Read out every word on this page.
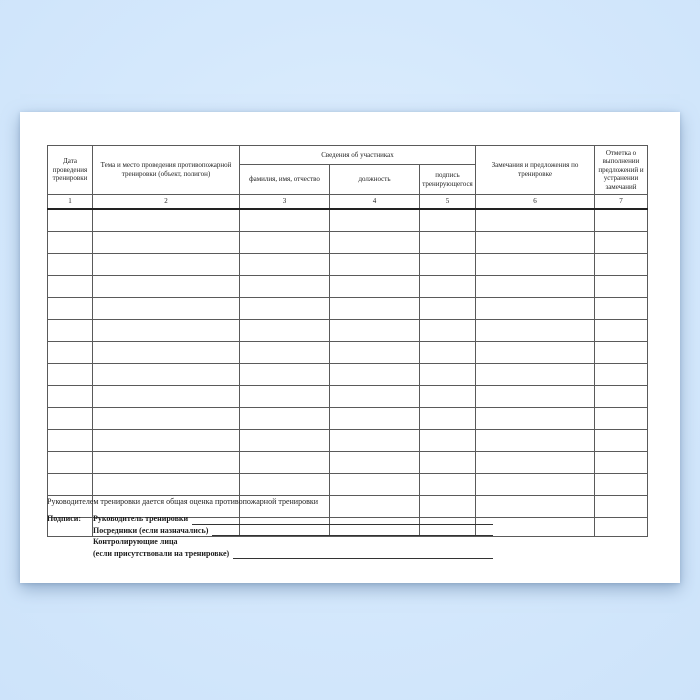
Дата проведения тренировки	Тема и место проведения противопожарной тренировки (объект, полигон)	Сведения об участниках			Замечания и предложения по тренировке	Отметка о выполнении предложений и устранении замечаний
		фамилия, имя, отчество	должность	подпись тренирующегося		
1	2	3	4	5	6	7

Руководителем тренировки дается общая оценка противопожарной тренировки
Подписи:	Руководитель тренировки
Посредники (если назначались)
Контролирующие лица
(если присутствовали на тренировке)
